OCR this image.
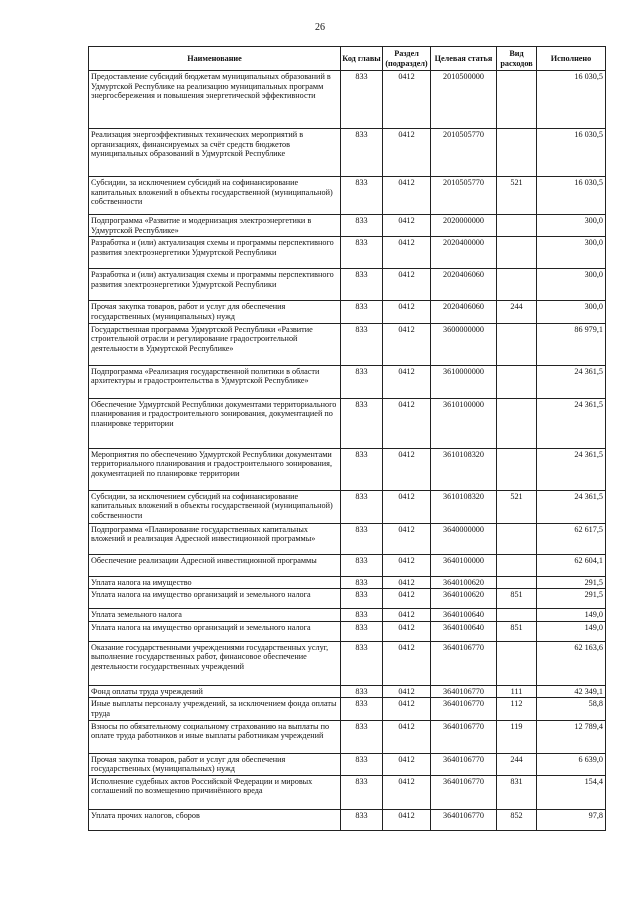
26
Наименование	Код главы	Раздел (подраздел)	Целевая статья	Вид расходов	Исполнено
Предоставление субсидий бюджетам муниципальных образований в Удмуртской Республике на реализацию муниципальных программ энергосбережения и повышения энергетической эффективности	833	0412	2010500000		16 030,5
Реализация энергоэффективных технических мероприятий в организациях, финансируемых за счёт средств бюджетов муниципальных образований в Удмуртской Республике	833	0412	2010505770		16 030,5
Субсидии, за исключением субсидий на софинансирование капитальных вложений в объекты государственной (муниципальной) собственности	833	0412	2010505770	521	16 030,5
Подпрограмма «Развитие и модернизация электроэнергетики в Удмуртской Республике»	833	0412	2020000000		300,0
Разработка и (или) актуализация схемы и программы перспективного развития электроэнергетики Удмуртской Республики	833	0412	2020400000		300,0
Разработка и (или) актуализация схемы и программы перспективного развития электроэнергетики Удмуртской Республики	833	0412	2020406060		300,0
Прочая закупка товаров, работ и услуг для обеспечения государственных (муниципальных) нужд	833	0412	2020406060	244	300,0
Государственная программа Удмуртской Республики «Развитие строительной отрасли и регулирование градостроительной деятельности в Удмуртской Республике»	833	0412	3600000000		86 979,1
Подпрограмма «Реализация государственной политики в области архитектуры и градостроительства в Удмуртской Республике»	833	0412	3610000000		24 361,5
Обеспечение Удмуртской Республики документами территориального планирования и градостроительного зонирования, документацией по планировке территории	833	0412	3610100000		24 361,5
Мероприятия по обеспечению Удмуртской Республики документами территориального планирования и градостроительного зонирования, документацией по планировке территории	833	0412	3610108320		24 361,5
Субсидии, за исключением субсидий на софинансирование капитальных вложений в объекты государственной (муниципальной) собственности	833	0412	3610108320	521	24 361,5
Подпрограмма «Планирование государственных капитальных вложений и реализация Адресной инвестиционной программы»	833	0412	3640000000		62 617,5
Обеспечение реализации Адресной инвестиционной программы	833	0412	3640100000		62 604,1
Уплата налога на имущество	833	0412	3640100620		291,5
Уплата налога на имущество организаций и земельного налога	833	0412	3640100620	851	291,5
Уплата земельного налога	833	0412	3640100640		149,0
Уплата налога на имущество организаций и земельного налога	833	0412	3640100640	851	149,0
Оказание государственными учреждениями государственных услуг, выполнение государственных работ, финансовое обеспечение деятельности государственных учреждений	833	0412	3640106770		62 163,6
Фонд оплаты труда учреждений	833	0412	3640106770	111	42 349,1
Иные выплаты персоналу учреждений, за исключением фонда оплаты труда	833	0412	3640106770	112	58,8
Взносы по обязательному социальному страхованию на выплаты по оплате труда работников и иные выплаты работникам учреждений	833	0412	3640106770	119	12 789,4
Прочая закупка товаров, работ и услуг для обеспечения государственных (муниципальных) нужд	833	0412	3640106770	244	6 639,0
Исполнение судебных актов Российской Федерации и мировых соглашений по возмещению причинённого вреда	833	0412	3640106770	831	154,4
Уплата прочих налогов, сборов	833	0412	3640106770	852	97,8
